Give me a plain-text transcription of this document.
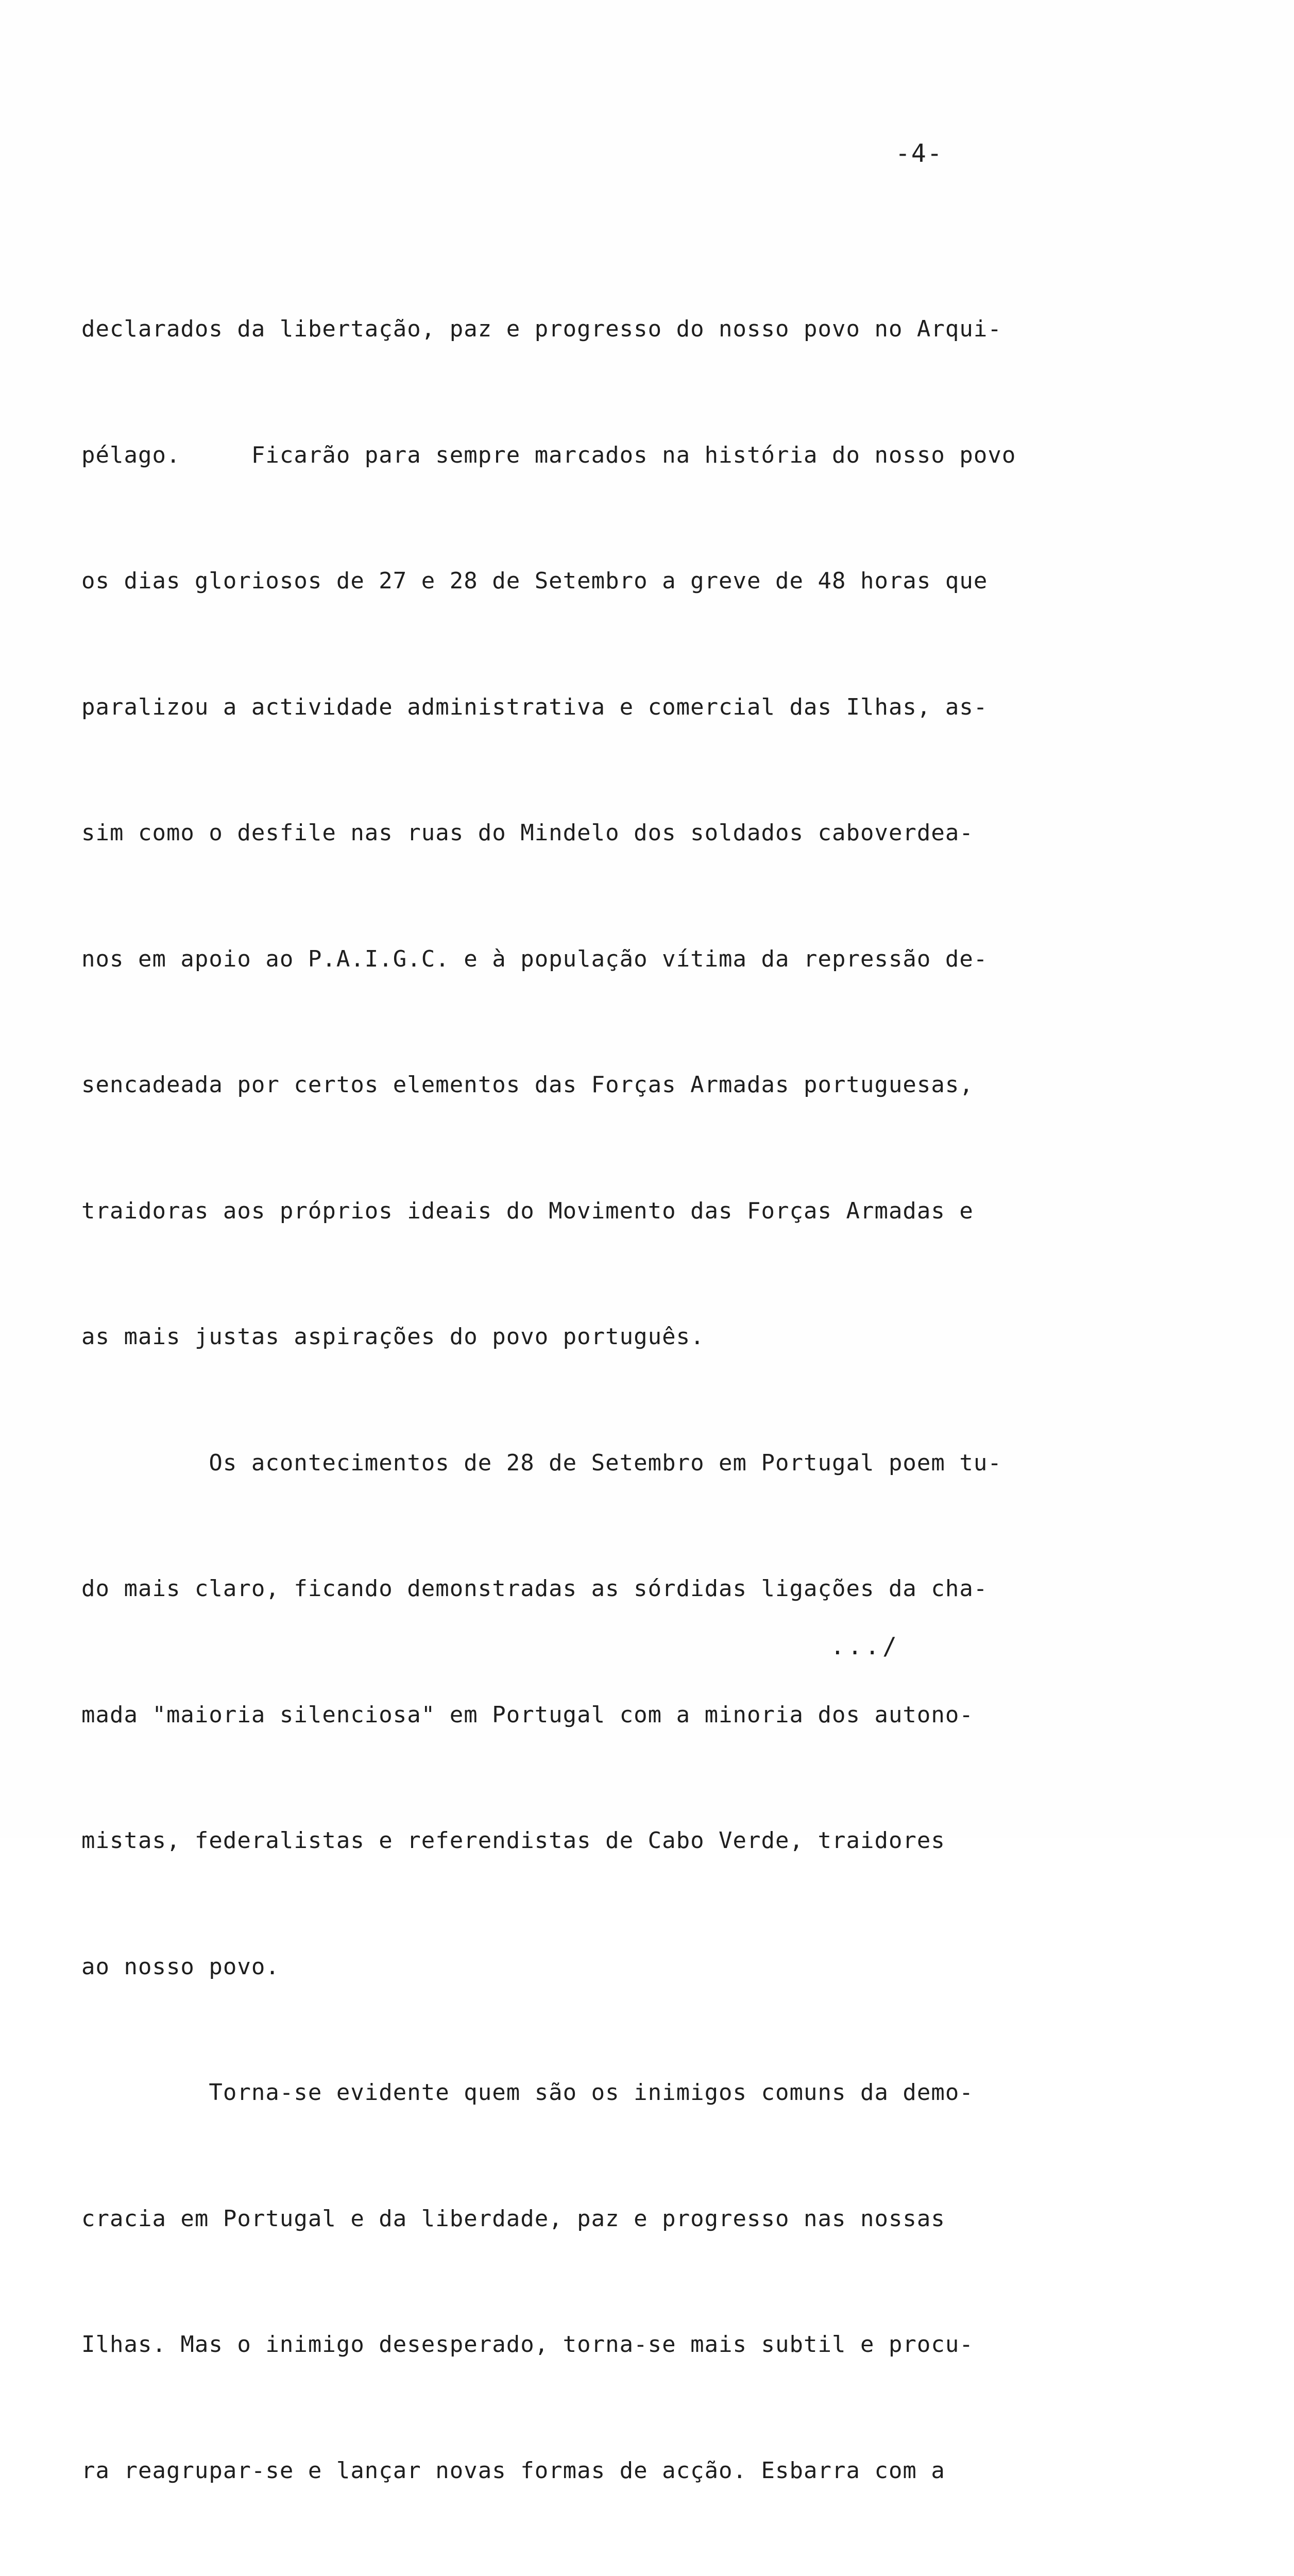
-4-

declarados da libertação, paz e progresso do nosso povo no Arqui-

pélago.     Ficarão para sempre marcados na história do nosso povo

os dias gloriosos de 27 e 28 de Setembro a greve de 48 horas que

paralizou a actividade administrativa e comercial das Ilhas, as-

sim como o desfile nas ruas do Mindelo dos soldados caboverdea-

nos em apoio ao P.A.I.G.C. e à população vítima da repressão de-

sencadeada por certos elementos das Forças Armadas portuguesas,

traidoras aos próprios ideais do Movimento das Forças Armadas e

as mais justas aspirações do povo português.

Os acontecimentos de 28 de Setembro em Portugal poem tu-

do mais claro, ficando demonstradas as sórdidas ligações da cha-

mada "maioria silenciosa" em Portugal com a minoria dos autono-

mistas, federalistas e referendistas de Cabo Verde, traidores

ao nosso povo.

Torna-se evidente quem são os inimigos comuns da demo-

cracia em Portugal e da liberdade, paz e progresso nas nossas

Ilhas. Mas o inimigo desesperado, torna-se mais subtil e procu-

ra reagrupar-se e lançar novas formas de acção. Esbarra com a

.../
